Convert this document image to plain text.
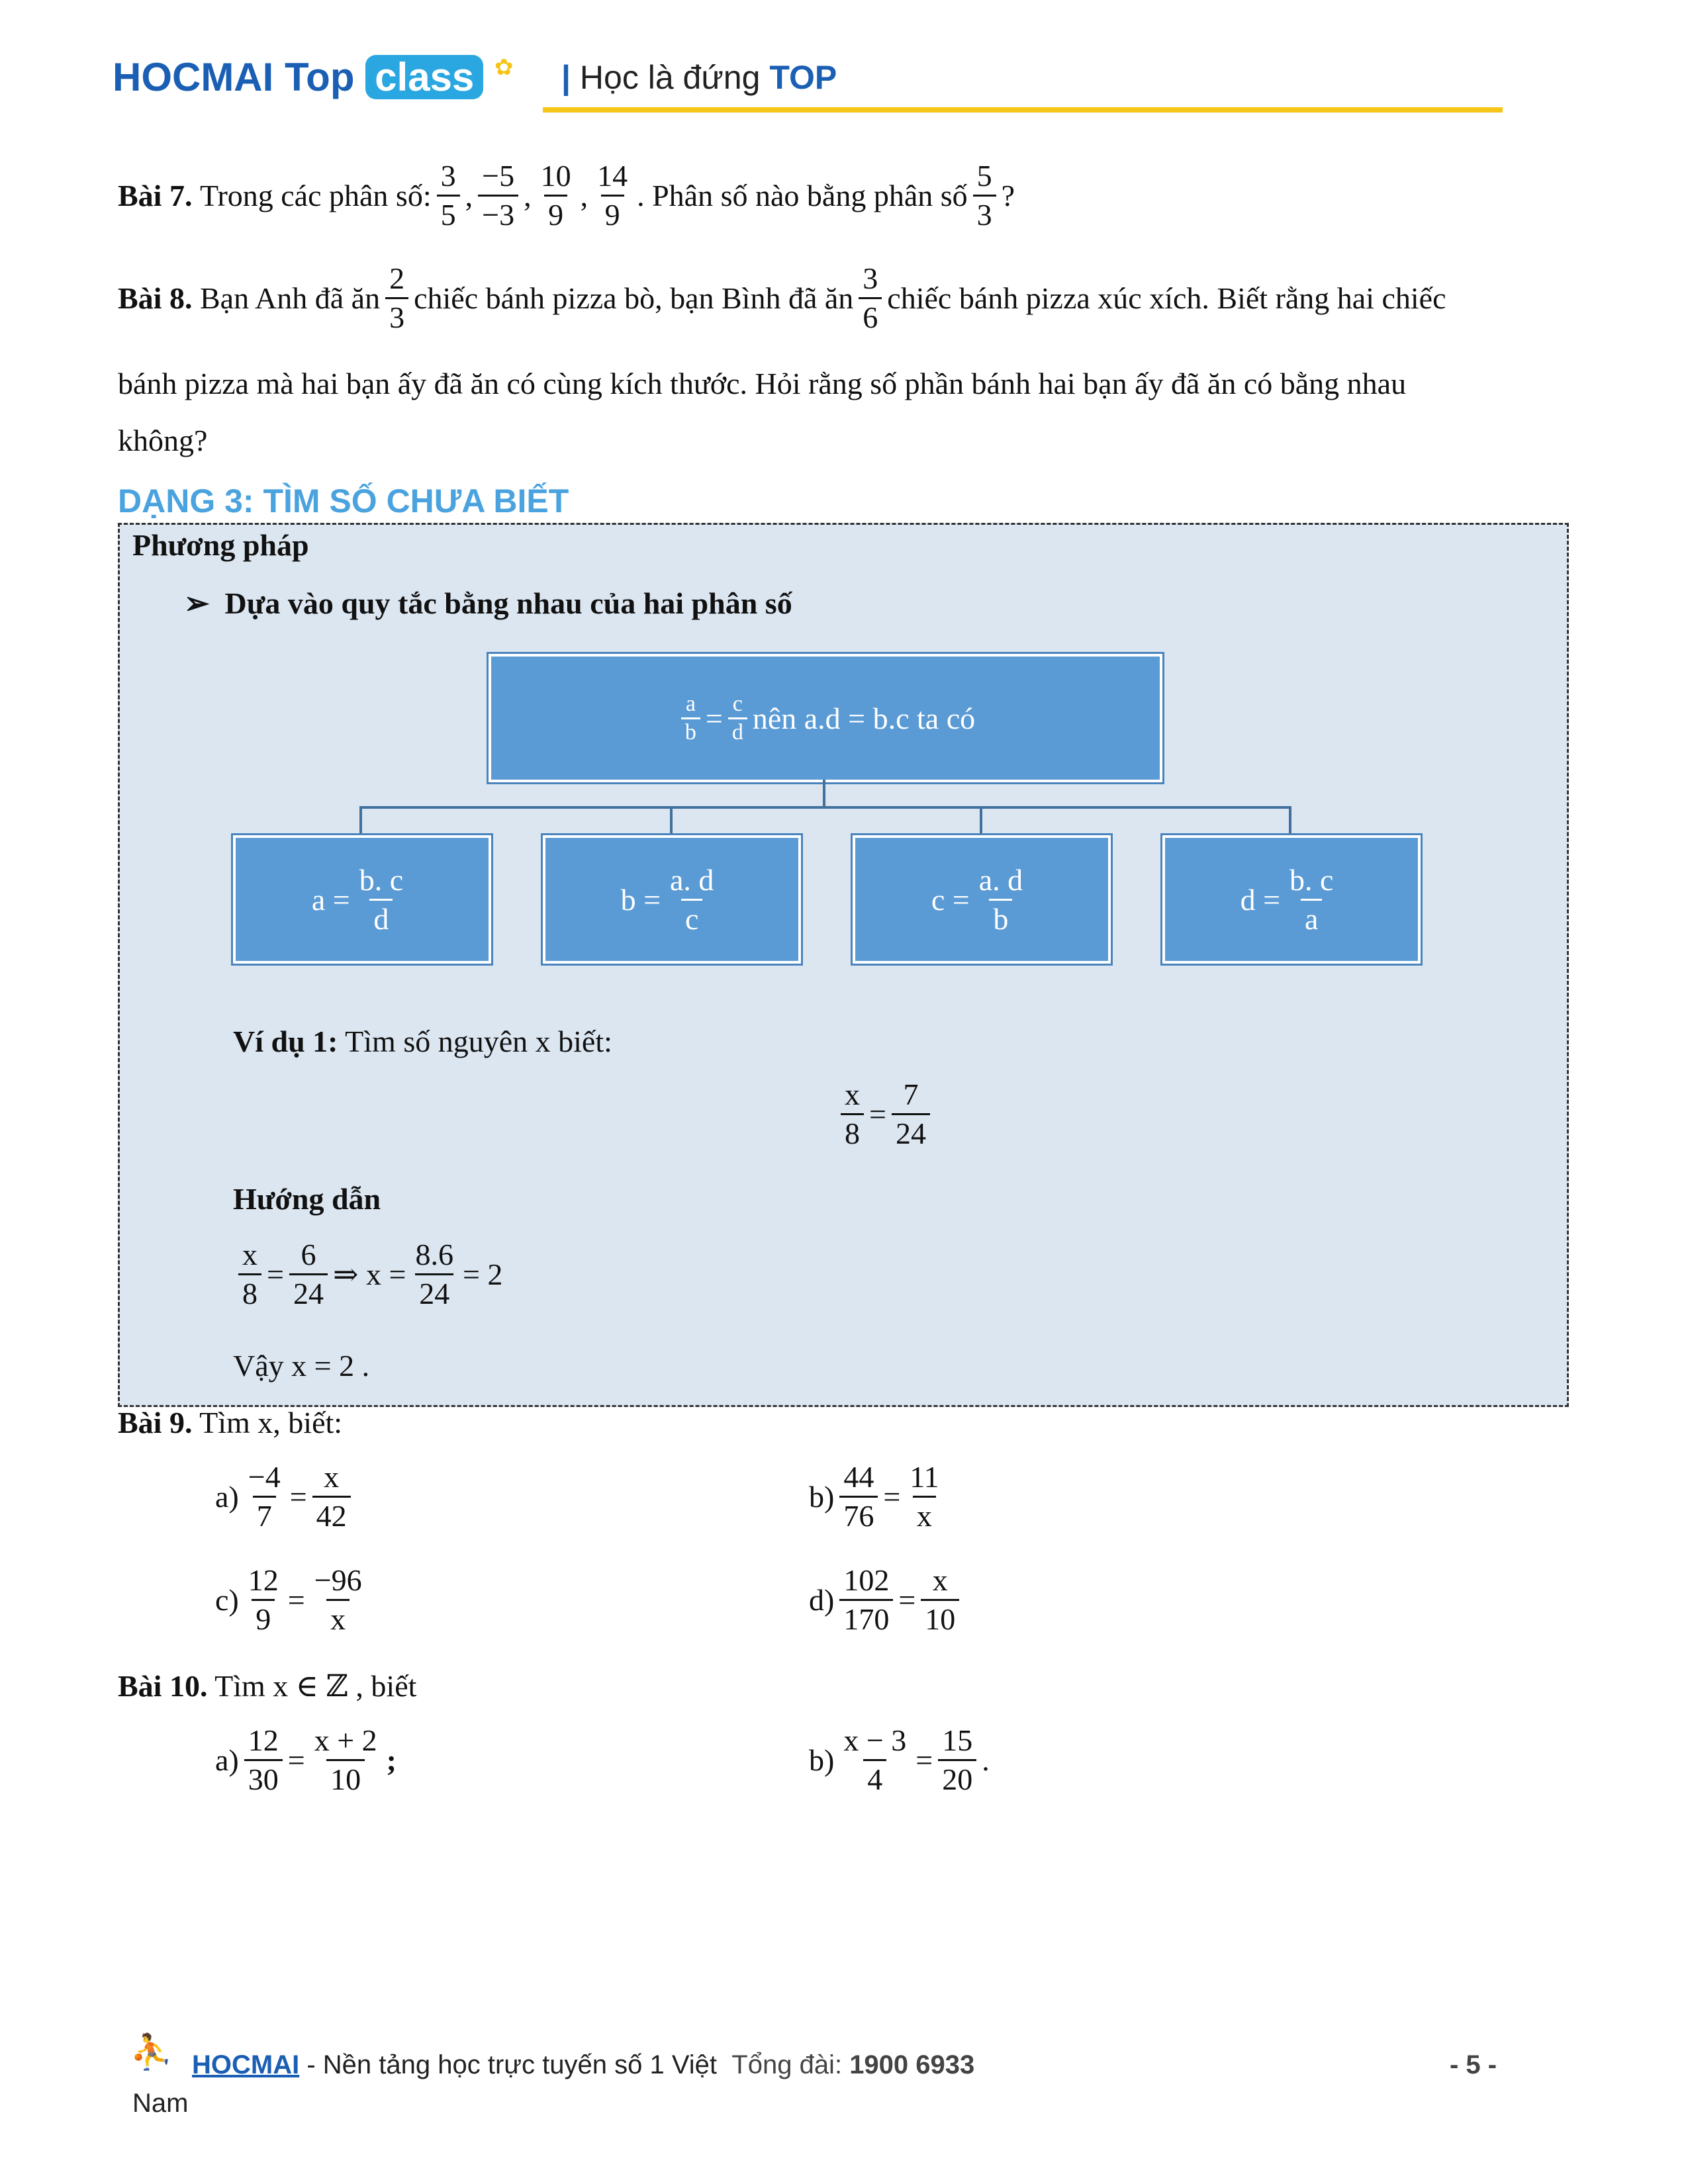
HOCMAI Top class ✿ | Học là đứng TOP
Bài 7.
Trong các phân số: $\frac{3}{5}$ , $\frac{-5}{-3}$ , $\frac{10}{9}$ , $\frac{14}{9}$ . Phân số nào bằng phân số $\frac{5}{3}$ ?
Bài 8.
Bạn Anh đã ăn $\frac{2}{3}$ chiếc bánh pizza bò, bạn Bình đã ăn $\frac{3}{6}$ chiếc bánh pizza xúc xích. Biết rằng hai chiếc
bánh pizza mà hai bạn ấy đã ăn có cùng kích thước. Hỏi rằng số phần bánh hai bạn ấy đã ăn có bằng nhau
không?
DẠNG 3: TÌM SỐ CHƯA BIẾT
Phương pháp
➢ Dựa vào quy tắc bằng nhau của hai phân số
$\frac{a}{b} = \frac{c}{d}$ nên a.d = b.c ta có
$a = \frac{b. c}{d}$	$b = \frac{a. d}{c}$	$c = \frac{a. d}{b}$	$d = \frac{b. c}{a}$
Ví dụ 1: Tìm số nguyên x biết:
$\frac{x}{8} = \frac{7}{24}$
Hướng dẫn
$\frac{x}{8} = \frac{6}{24}$ ⇒ $x = \frac{8.6}{24} = 2$
Vậy x = 2 .
Bài 9. Tìm x, biết:
$a) \frac{-4}{7} = \frac{x}{42}$	$b) \frac{44}{76} = \frac{11}{x}$
$c) \frac{12}{9} = \frac{-96}{x}$	$d) \frac{102}{170} = \frac{x}{10}$
Bài 10. Tìm x ∈ ℤ , biết
$a) \frac{12}{30} = \frac{x + 2}{10}$ ;	$b) \frac{x - 3}{4} = \frac{15}{20}$ .
⛹ HOCMAI - Nền tảng học trực tuyến số 1 Việt Tổng đài: 1900 6933	- 5 -
Nam
